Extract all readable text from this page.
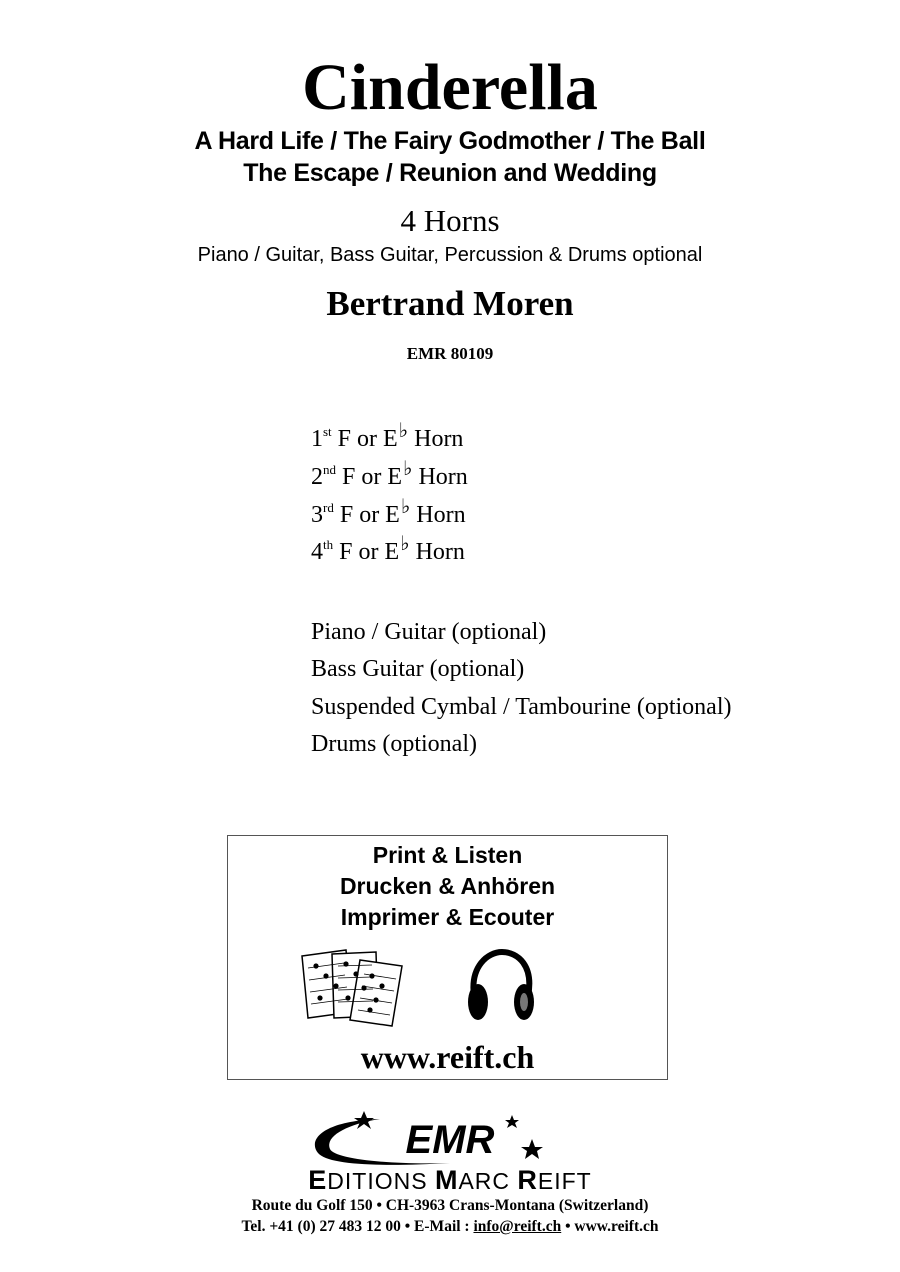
Cinderella
A Hard Life / The Fairy Godmother / The Ball
The Escape / Reunion and Wedding
4 Horns
Piano / Guitar, Bass Guitar, Percussion & Drums optional
Bertrand Moren
EMR 80109
1st F or E♭ Horn
2nd F or E♭ Horn
3rd F or E♭ Horn
4th F or E♭ Horn
Piano / Guitar (optional)
Bass Guitar (optional)
Suspended Cymbal / Tambourine (optional)
Drums (optional)
Print & Listen
Drucken & Anhören
Imprimer & Ecouter
www.reift.ch
EMR
EDITIONS MARC REIFT
Route du Golf 150 • CH-3963 Crans-Montana (Switzerland)
Tel. +41 (0) 27 483 12 00 • E-Mail : info@reift.ch • www.reift.ch
